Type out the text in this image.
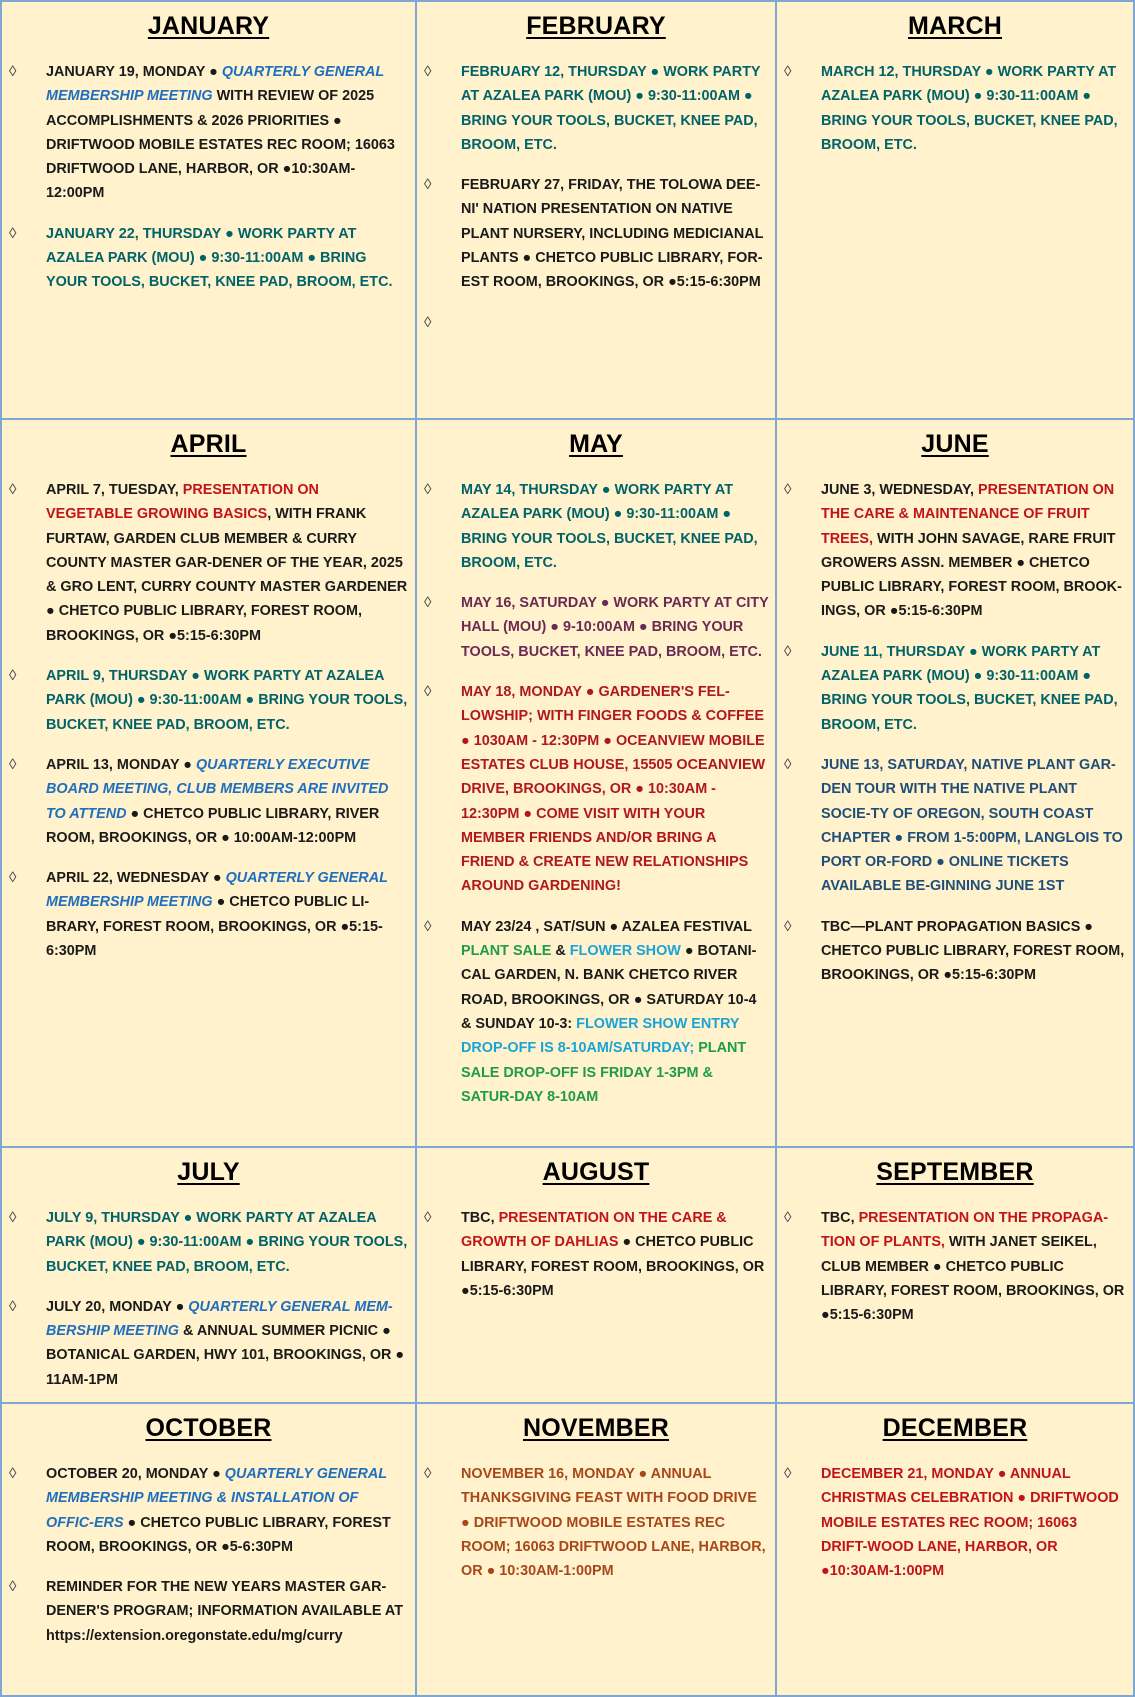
JANUARY
◊ JANUARY 19, MONDAY ● QUARTERLY GENERAL MEMBERSHIP MEETING WITH REVIEW OF 2025 ACCOMPLISHMENTS & 2026 PRIORITIES ● DRIFTWOOD MOBILE ESTATES REC ROOM; 16063 DRIFTWOOD LANE, HARBOR, OR ●10:30AM-12:00PM
◊ JANUARY 22, THURSDAY ● WORK PARTY AT AZALEA PARK (MOU) ● 9:30-11:00AM ● BRING YOUR TOOLS, BUCKET, KNEE PAD, BROOM, ETC.
FEBRUARY
◊ FEBRUARY 12, THURSDAY ● WORK PARTY AT AZALEA PARK (MOU) ● 9:30-11:00AM ● BRING YOUR TOOLS, BUCKET, KNEE PAD, BROOM, ETC.
◊ FEBRUARY 27, FRIDAY, THE TOLOWA DEE-NI' NATION PRESENTATION ON NATIVE PLANT NURSERY, INCLUDING MEDICIANAL PLANTS ● CHETCO PUBLIC LIBRARY, FOR-EST ROOM, BROOKINGS, OR ●5:15-6:30PM
◊
MARCH
◊ MARCH 12, THURSDAY ● WORK PARTY AT AZALEA PARK (MOU) ● 9:30-11:00AM ● BRING YOUR TOOLS, BUCKET, KNEE PAD, BROOM, ETC.
APRIL
◊ APRIL 7, TUESDAY, PRESENTATION ON VEGETABLE GROWING BASICS, WITH FRANK FURTAW, GARDEN CLUB MEMBER & CURRY COUNTY MASTER GAR-DENER OF THE YEAR, 2025 & GRO LENT, CURRY COUNTY MASTER GARDENER ● CHETCO PUBLIC LIBRARY, FOREST ROOM, BROOKINGS, OR ●5:15-6:30PM
◊ APRIL 9, THURSDAY ● WORK PARTY AT AZALEA PARK (MOU) ● 9:30-11:00AM ● BRING YOUR TOOLS, BUCKET, KNEE PAD, BROOM, ETC.
◊ APRIL 13, MONDAY ● QUARTERLY EXECUTIVE BOARD MEETING, CLUB MEMBERS ARE INVITED TO ATTEND ● CHETCO PUBLIC LIBRARY, RIVER ROOM, BROOKINGS, OR ● 10:00AM-12:00PM
◊ APRIL 22, WEDNESDAY ● QUARTERLY GENERAL MEMBERSHIP MEETING ● CHETCO PUBLIC LI-BRARY, FOREST ROOM, BROOKINGS, OR ●5:15-6:30PM
MAY
◊ MAY 14, THURSDAY ● WORK PARTY AT AZALEA PARK (MOU) ● 9:30-11:00AM ● BRING YOUR TOOLS, BUCKET, KNEE PAD, BROOM, ETC.
◊ MAY 16, SATURDAY ● WORK PARTY AT CITY HALL (MOU) ● 9-10:00AM ● BRING YOUR TOOLS, BUCKET, KNEE PAD, BROOM, ETC.
◊ MAY 18, MONDAY ● GARDENER'S FEL-LOWSHIP; WITH FINGER FOODS & COFFEE ● 1030AM - 12:30PM ● OCEANVIEW MOBILE ESTATES CLUB HOUSE, 15505 OCEANVIEW DRIVE, BROOKINGS, OR ● 10:30AM - 12:30PM ● COME VISIT WITH YOUR MEMBER FRIENDS AND/OR BRING A FRIEND & CREATE NEW RELATIONSHIPS AROUND GARDENING!
◊ MAY 23/24 , SAT/SUN ● AZALEA FESTIVAL PLANT SALE & FLOWER SHOW ● BOTANI-CAL GARDEN, N. BANK CHETCO RIVER ROAD, BROOKINGS, OR ● SATURDAY 10-4 & SUNDAY 10-3: FLOWER SHOW ENTRY DROP-OFF IS 8-10AM/SATURDAY; PLANT SALE DROP-OFF IS FRIDAY 1-3PM & SATUR-DAY 8-10AM
JUNE
◊ JUNE 3, WEDNESDAY, PRESENTATION ON THE CARE & MAINTENANCE OF FRUIT TREES, WITH JOHN SAVAGE, RARE FRUIT GROWERS ASSN. MEMBER ● CHETCO PUBLIC LIBRARY, FOREST ROOM, BROOK-INGS, OR ●5:15-6:30PM
◊ JUNE 11, THURSDAY ● WORK PARTY AT AZALEA PARK (MOU) ● 9:30-11:00AM ● BRING YOUR TOOLS, BUCKET, KNEE PAD, BROOM, ETC.
◊ JUNE 13, SATURDAY, NATIVE PLANT GAR-DEN TOUR WITH THE NATIVE PLANT SOCIE-TY OF OREGON, SOUTH COAST CHAPTER ● FROM 1-5:00PM, LANGLOIS TO PORT OR-FORD ● ONLINE TICKETS AVAILABLE BE-GINNING JUNE 1ST
◊ TBC—PLANT PROPAGATION BASICS ● CHETCO PUBLIC LIBRARY, FOREST ROOM, BROOKINGS, OR ●5:15-6:30PM
JULY
◊ JULY 9, THURSDAY ● WORK PARTY AT AZALEA PARK (MOU) ● 9:30-11:00AM ● BRING YOUR TOOLS, BUCKET, KNEE PAD, BROOM, ETC.
◊ JULY 20, MONDAY ● QUARTERLY GENERAL MEM-BERSHIP MEETING & ANNUAL SUMMER PICNIC ● BOTANICAL GARDEN, HWY 101, BROOKINGS, OR ● 11AM-1PM
AUGUST
◊ TBC, PRESENTATION ON THE CARE & GROWTH OF DAHLIAS ● CHETCO PUBLIC LIBRARY, FOREST ROOM, BROOKINGS, OR ●5:15-6:30PM
SEPTEMBER
◊ TBC, PRESENTATION ON THE PROPAGA-TION OF PLANTS, WITH JANET SEIKEL, CLUB MEMBER ● CHETCO PUBLIC LIBRARY, FOREST ROOM, BROOKINGS, OR ●5:15-6:30PM
OCTOBER
◊ OCTOBER 20, MONDAY ● QUARTERLY GENERAL MEMBERSHIP MEETING & INSTALLATION OF OFFIC-ERS ● CHETCO PUBLIC LIBRARY, FOREST ROOM, BROOKINGS, OR ●5-6:30PM
◊ REMINDER FOR THE NEW YEARS MASTER GAR-DENER'S PROGRAM; INFORMATION AVAILABLE AT https://extension.oregonstate.edu/mg/curry
NOVEMBER
◊ NOVEMBER 16, MONDAY ● ANNUAL THANKSGIVING FEAST WITH FOOD DRIVE ● DRIFTWOOD MOBILE ESTATES REC ROOM; 16063 DRIFTWOOD LANE, HARBOR, OR ● 10:30AM-1:00PM
DECEMBER
◊ DECEMBER 21, MONDAY ● ANNUAL CHRISTMAS CELEBRATION ● DRIFTWOOD MOBILE ESTATES REC ROOM; 16063 DRIFT-WOOD LANE, HARBOR, OR ●10:30AM-1:00PM
